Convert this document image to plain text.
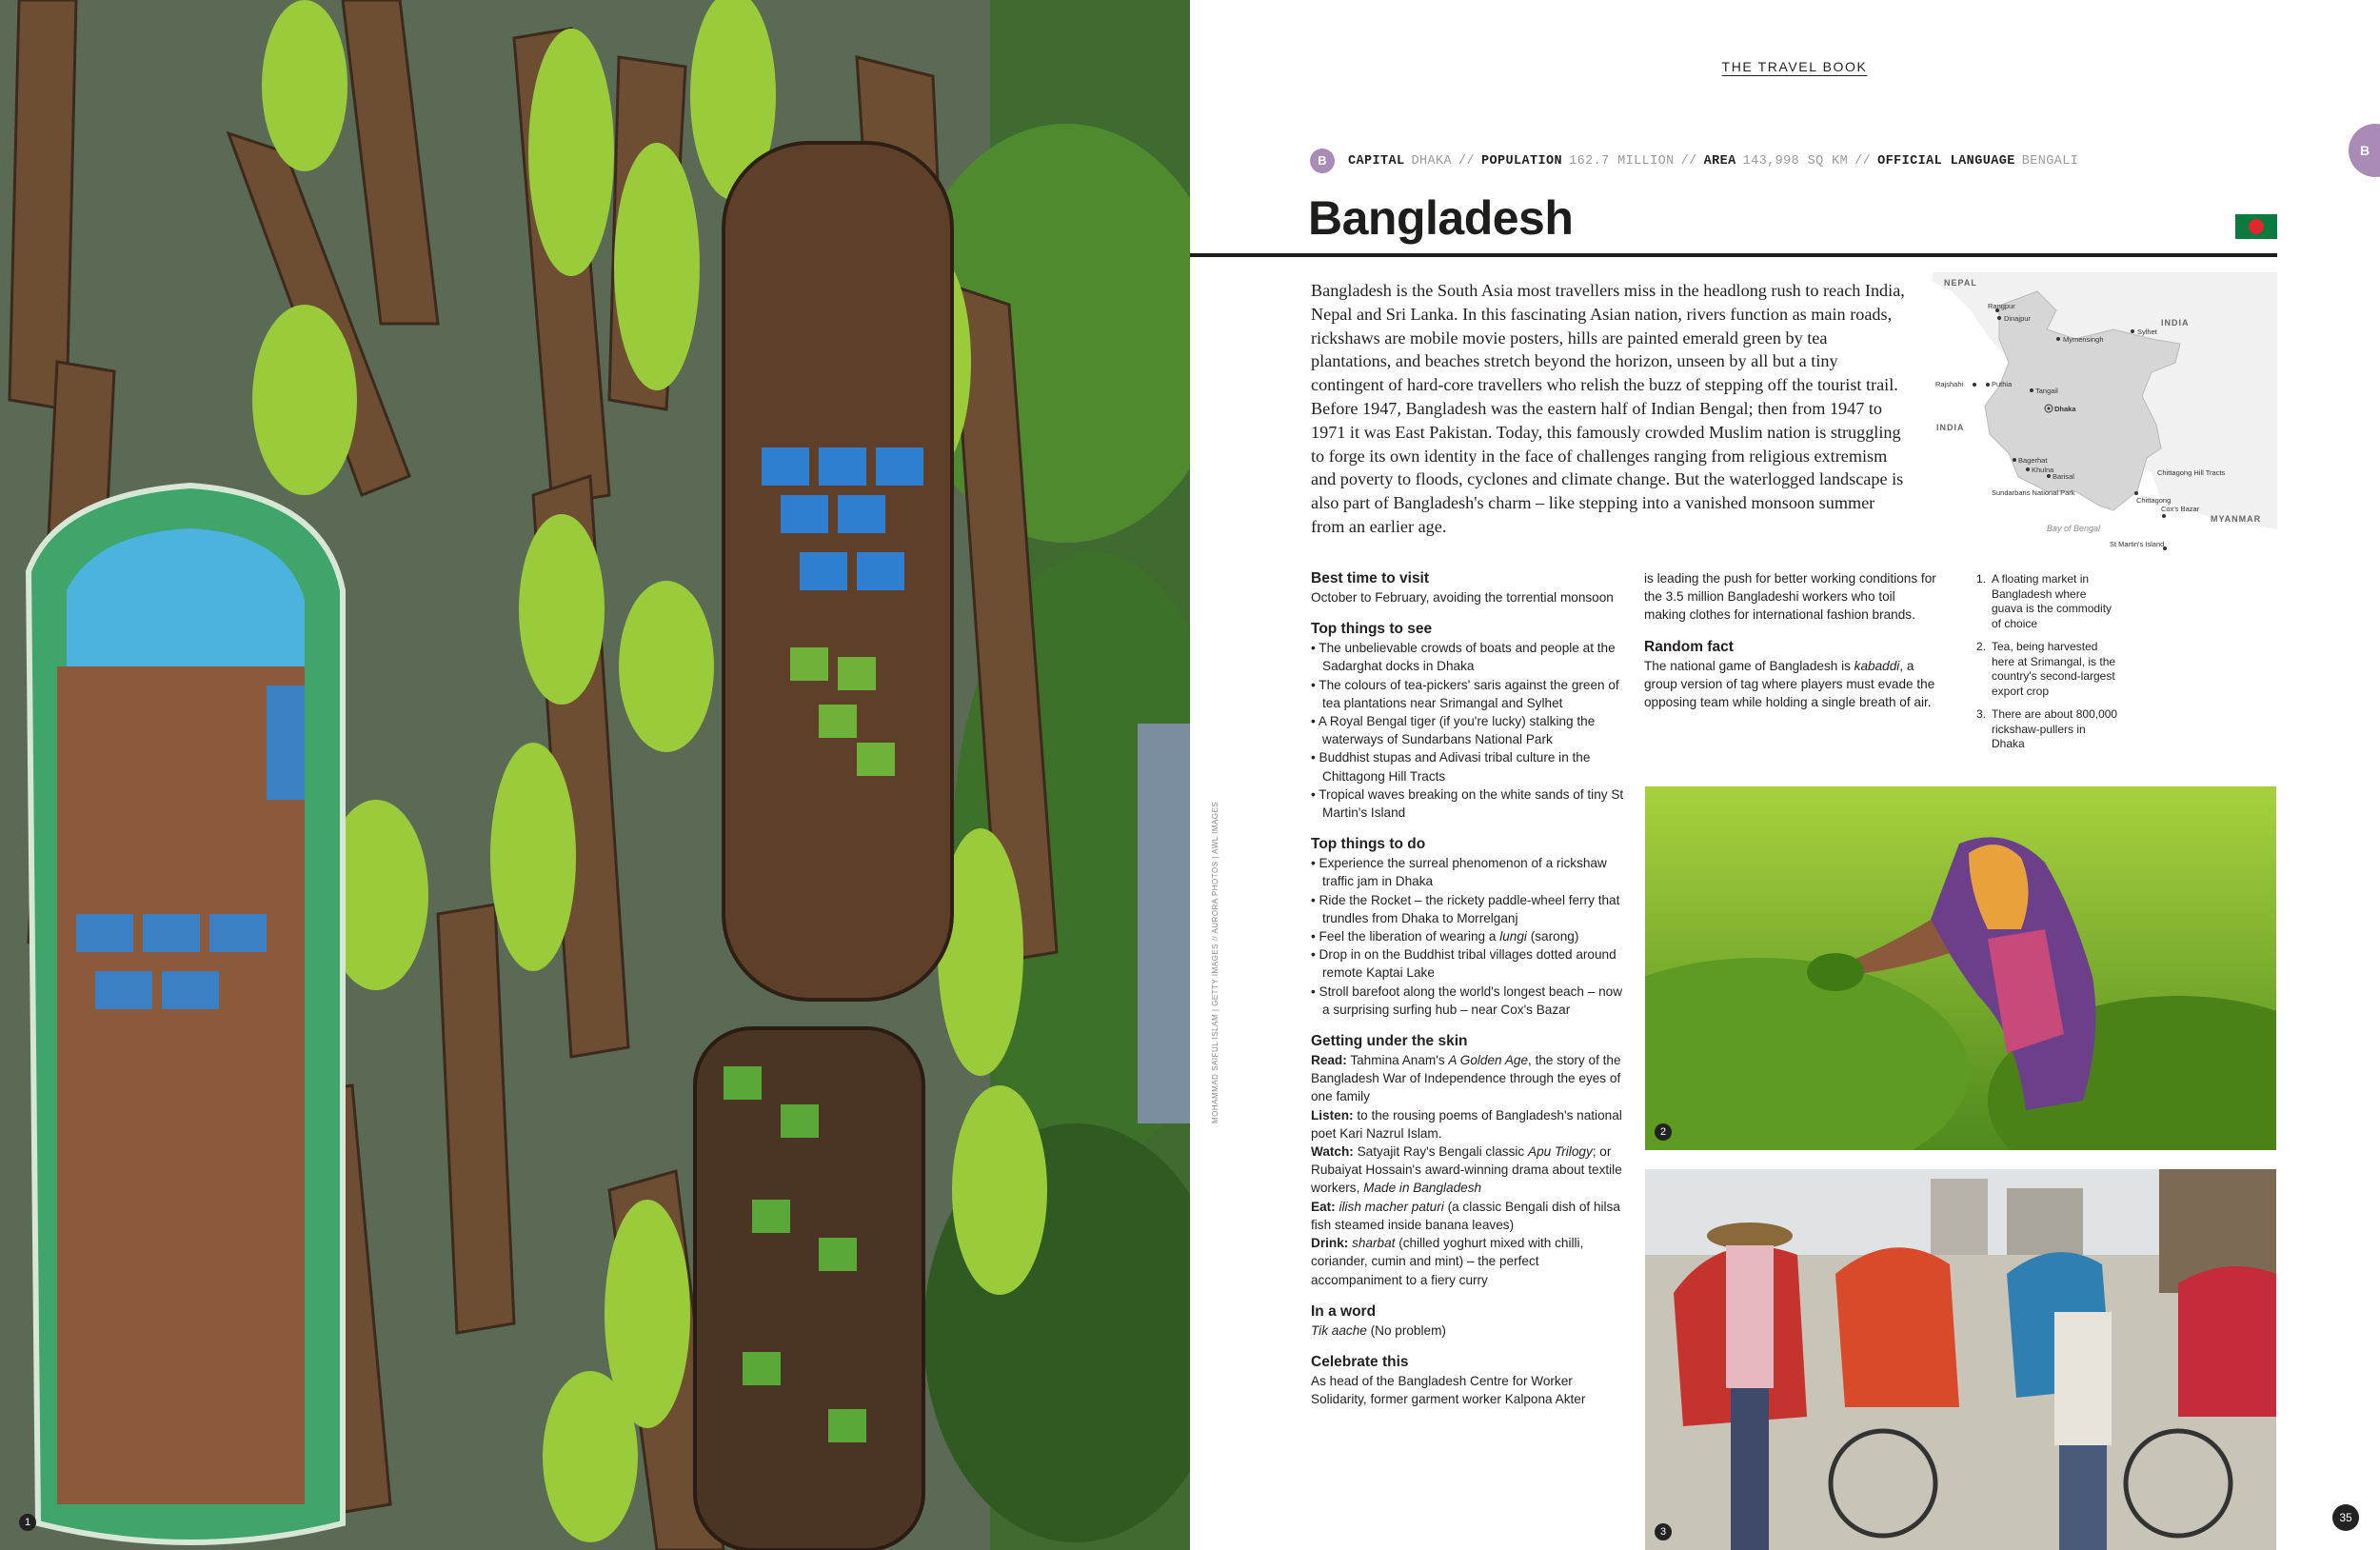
1
MOHAMMAD SAIFUL ISLAM | GETTY IMAGES // AURORA PHOTOS | AWL IMAGES
THE TRAVEL BOOK
B
B	CAPITAL DHAKA // POPULATION 162.7 MILLION // AREA 143,998 SQ KM // OFFICIAL LANGUAGE BENGALI
Bangladesh

Bangladesh is the South Asia most travellers miss in the headlong rush to reach India, Nepal and Sri Lanka. In this fascinating Asian nation, rivers function as main roads, rickshaws are mobile movie posters, hills are painted emerald green by tea plantations, and beaches stretch beyond the horizon, unseen by all but a tiny contingent of hard-core travellers who relish the buzz of stepping off the tourist trail. Before 1947, Bangladesh was the eastern half of Indian Bengal; then from 1947 to 1971 it was East Pakistan. Today, this famously crowded Muslim nation is struggling to forge its own identity in the face of challenges ranging from religious extremism and poverty to floods, cyclones and climate change. But the waterlogged landscape is also part of Bangladesh's charm – like stepping into a vanished monsoon summer from an earlier age.

NEPAL
INDIA
INDIA
MYANMAR
Bay of Bengal
Rangpur
Dinajpur
Mymensingh
Sylhet
Rajshahi	Puthia
Tangail
Dhaka
Bagerhat
Khulna
Barisal
Sundarbans National Park
Chittagong Hill Tracts
Chittagong
Cox's Bazar
St Martin's Island
Best time to visit

October to February, avoiding the torrential monsoon

Top things to see
• The unbelievable crowds of boats and people at the Sadarghat docks in Dhaka
• The colours of tea-pickers' saris against the green of tea plantations near Srimangal and Sylhet
• A Royal Bengal tiger (if you're lucky) stalking the waterways of Sundarbans National Park
• Buddhist stupas and Adivasi tribal culture in the Chittagong Hill Tracts
• Tropical waves breaking on the white sands of tiny St Martin's Island
Top things to do
• Experience the surreal phenomenon of a rickshaw traffic jam in Dhaka
• Ride the Rocket – the rickety paddle-wheel ferry that trundles from Dhaka to Morrelganj
• Feel the liberation of wearing a lungi (sarong)
• Drop in on the Buddhist tribal villages dotted around remote Kaptai Lake
• Stroll barefoot along the world's longest beach – now a surprising surfing hub – near Cox's Bazar
Getting under the skin

Read: Tahmina Anam's A Golden Age, the story of the Bangladesh War of Independence through the eyes of one family

Listen: to the rousing poems of Bangladesh's national poet Kari Nazrul Islam.

Watch: Satyajit Ray's Bengali classic Apu Trilogy; or Rubaiyat Hossain's award-winning drama about textile workers, Made in Bangladesh

Eat: ilish macher paturi (a classic Bengali dish of hilsa fish steamed inside banana leaves)

Drink: sharbat (chilled yoghurt mixed with chilli, coriander, cumin and mint) – the perfect accompaniment to a fiery curry

In a word

Tik aache (No problem)

Celebrate this

As head of the Bangladesh Centre for Worker Solidarity, former garment worker Kalpona Akter

is leading the push for better working conditions for the 3.5 million Bangladeshi workers who toil making clothes for international fashion brands.

Random fact

The national game of Bangladesh is kabaddi, a group version of tag where players must evade the opposing team while holding a single breath of air.

1. A floating market in Bangladesh where guava is the commodity of choice
2. Tea, being harvested here at Srimangal, is the country's second-largest export crop
3. There are about 800,000 rickshaw-pullers in Dhaka
2
3
35
